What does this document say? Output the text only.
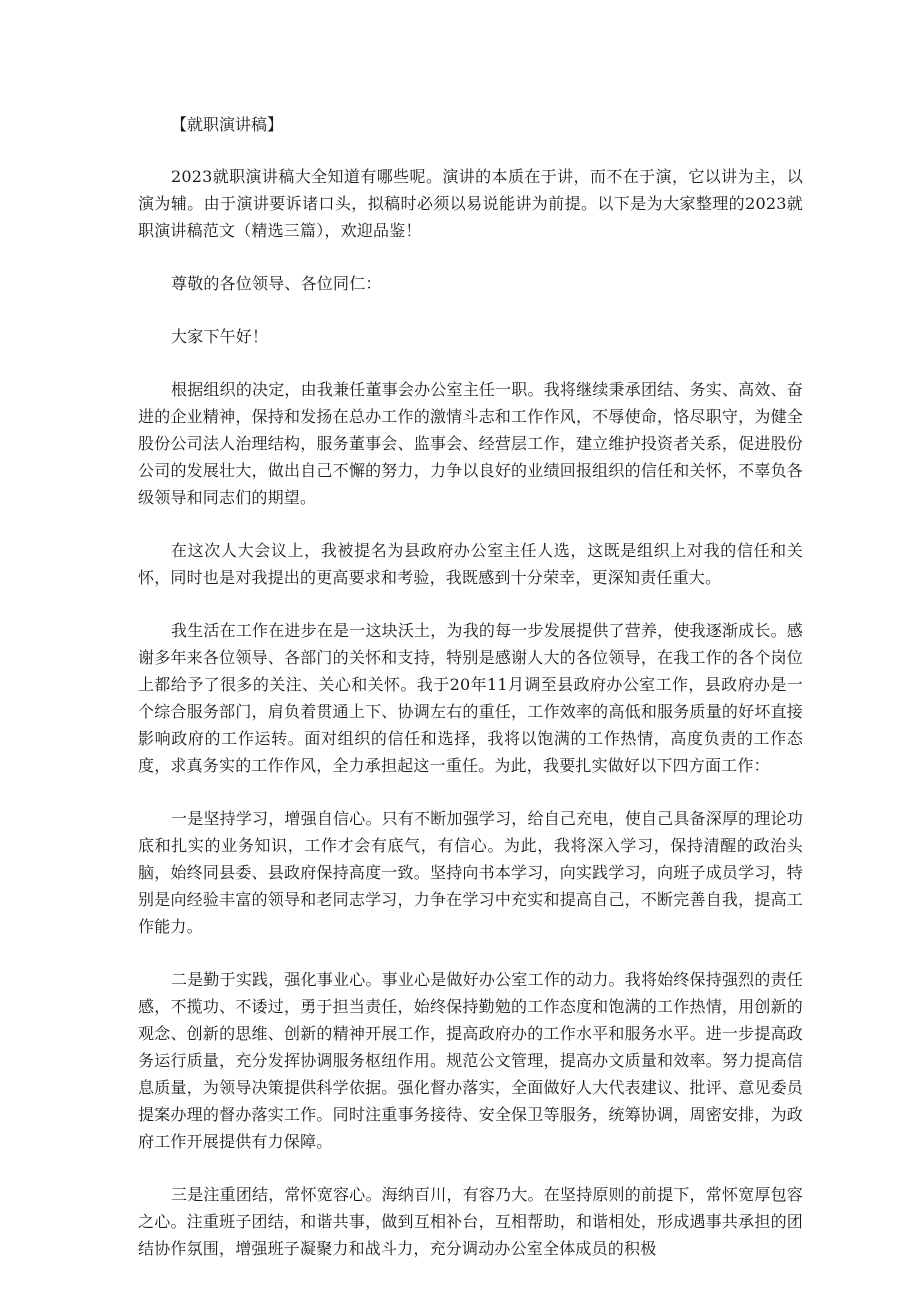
【就职演讲稿】

2023就职演讲稿大全知道有哪些呢。演讲的本质在于讲，而不在于演，它以讲为主，以演为辅。由于演讲要诉诸口头，拟稿时必须以易说能讲为前提。以下是为大家整理的2023就职演讲稿范文（精选三篇），欢迎品鉴！

尊敬的各位领导、各位同仁：

大家下午好！

根据组织的决定，由我兼任董事会办公室主任一职。我将继续秉承团结、务实、高效、奋进的企业精神，保持和发扬在总办工作的激情斗志和工作作风，不辱使命，恪尽职守，为健全股份公司法人治理结构，服务董事会、监事会、经营层工作，建立维护投资者关系，促进股份公司的发展壮大，做出自己不懈的努力，力争以良好的业绩回报组织的信任和关怀，不辜负各级领导和同志们的期望。

在这次人大会议上，我被提名为县政府办公室主任人选，这既是组织上对我的信任和关怀，同时也是对我提出的更高要求和考验，我既感到十分荣幸，更深知责任重大。

我生活在工作在进步在是一这块沃土，为我的每一步发展提供了营养，使我逐渐成长。感谢多年来各位领导、各部门的关怀和支持，特别是感谢人大的各位领导，在我工作的各个岗位上都给予了很多的关注、关心和关怀。我于20年11月调至县政府办公室工作，县政府办是一个综合服务部门，肩负着贯通上下、协调左右的重任，工作效率的高低和服务质量的好坏直接影响政府的工作运转。面对组织的信任和选择，我将以饱满的工作热情，高度负责的工作态度，求真务实的工作作风，全力承担起这一重任。为此，我要扎实做好以下四方面工作：

一是坚持学习，增强自信心。只有不断加强学习，给自己充电，使自己具备深厚的理论功底和扎实的业务知识，工作才会有底气，有信心。为此，我将深入学习，保持清醒的政治头脑，始终同县委、县政府保持高度一致。坚持向书本学习，向实践学习，向班子成员学习，特别是向经验丰富的领导和老同志学习，力争在学习中充实和提高自己，不断完善自我，提高工作能力。

二是勤于实践，强化事业心。事业心是做好办公室工作的动力。我将始终保持强烈的责任感，不揽功、不诿过，勇于担当责任，始终保持勤勉的工作态度和饱满的工作热情，用创新的观念、创新的思维、创新的精神开展工作，提高政府办的工作水平和服务水平。进一步提高政务运行质量，充分发挥协调服务枢纽作用。规范公文管理，提高办文质量和效率。努力提高信息质量，为领导决策提供科学依据。强化督办落实，全面做好人大代表建议、批评、意见委员提案办理的督办落实工作。同时注重事务接待、安全保卫等服务，统筹协调，周密安排，为政府工作开展提供有力保障。

三是注重团结，常怀宽容心。海纳百川，有容乃大。在坚持原则的前提下，常怀宽厚包容之心。注重班子团结，和谐共事，做到互相补台，互相帮助，和谐相处，形成遇事共承担的团结协作氛围，增强班子凝聚力和战斗力，充分调动办公室全体成员的积极
